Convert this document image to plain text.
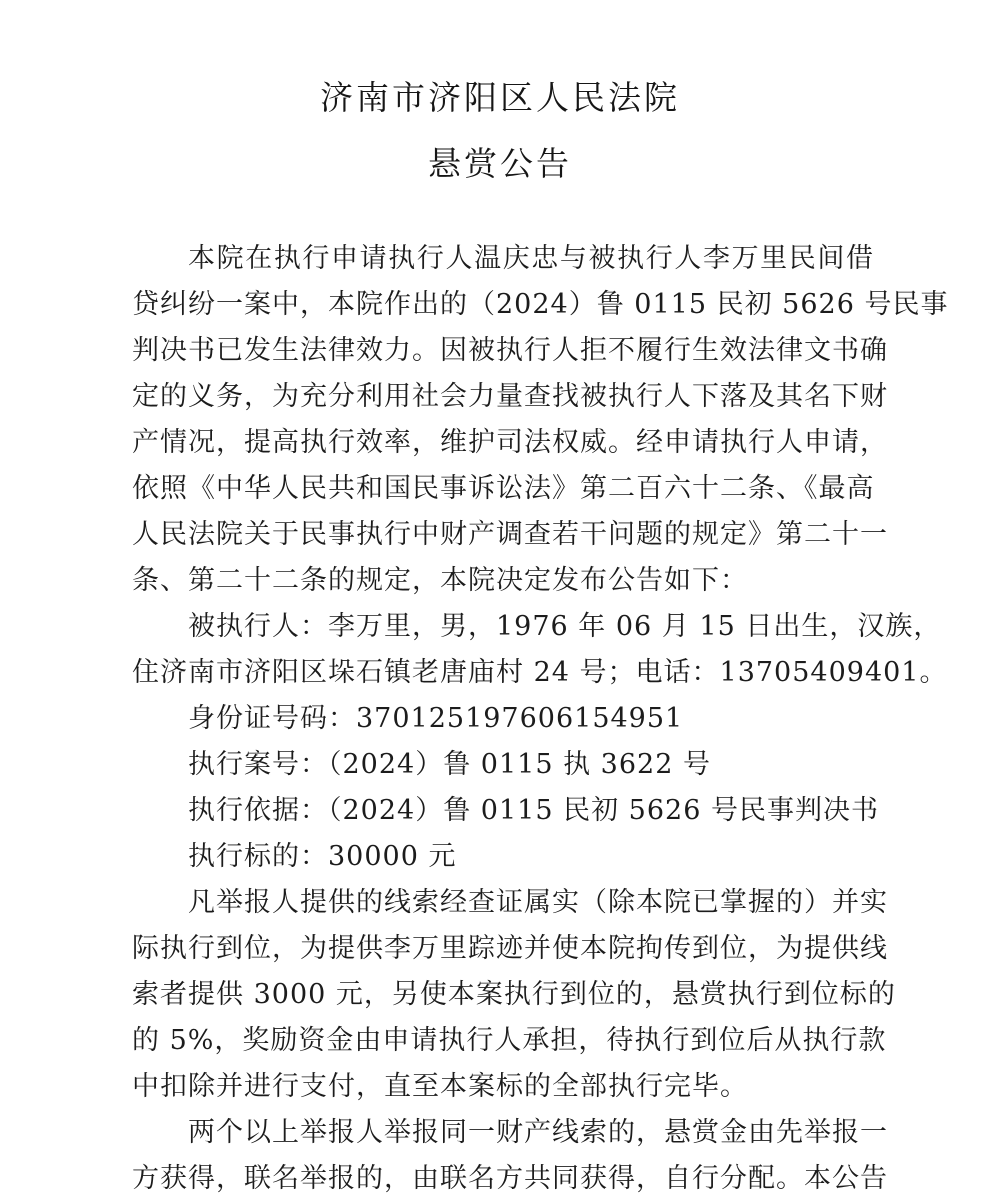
济南市济阳区人民法院
悬赏公告
本院在执行申请执行人温庆忠与被执行人李万里民间借
贷纠纷一案中，本院作出的（2024）鲁 0115 民初 5626 号民事
判决书已发生法律效力。因被执行人拒不履行生效法律文书确
定的义务，为充分利用社会力量查找被执行人下落及其名下财
产情况，提高执行效率，维护司法权威。经申请执行人申请，
依照《中华人民共和国民事诉讼法》第二百六十二条、《最高
人民法院关于民事执行中财产调查若干问题的规定》第二十一
条、第二十二条的规定，本院决定发布公告如下：
被执行人：李万里，男，1976 年 06 月 15 日出生，汉族，
住济南市济阳区垛石镇老唐庙村 24 号；电话：13705409401。
身份证号码：370125197606154951
执行案号：（2024）鲁 0115 执 3622 号
执行依据：（2024）鲁 0115 民初 5626 号民事判决书
执行标的：30000 元
凡举报人提供的线索经查证属实（除本院已掌握的）并实
际执行到位，为提供李万里踪迹并使本院拘传到位，为提供线
索者提供 3000 元，另使本案执行到位的，悬赏执行到位标的
的 5%，奖励资金由申请执行人承担，待执行到位后从执行款
中扣除并进行支付，直至本案标的全部执行完毕。
两个以上举报人举报同一财产线索的，悬赏金由先举报一
方获得，联名举报的，由联名方共同获得，自行分配。本公告
